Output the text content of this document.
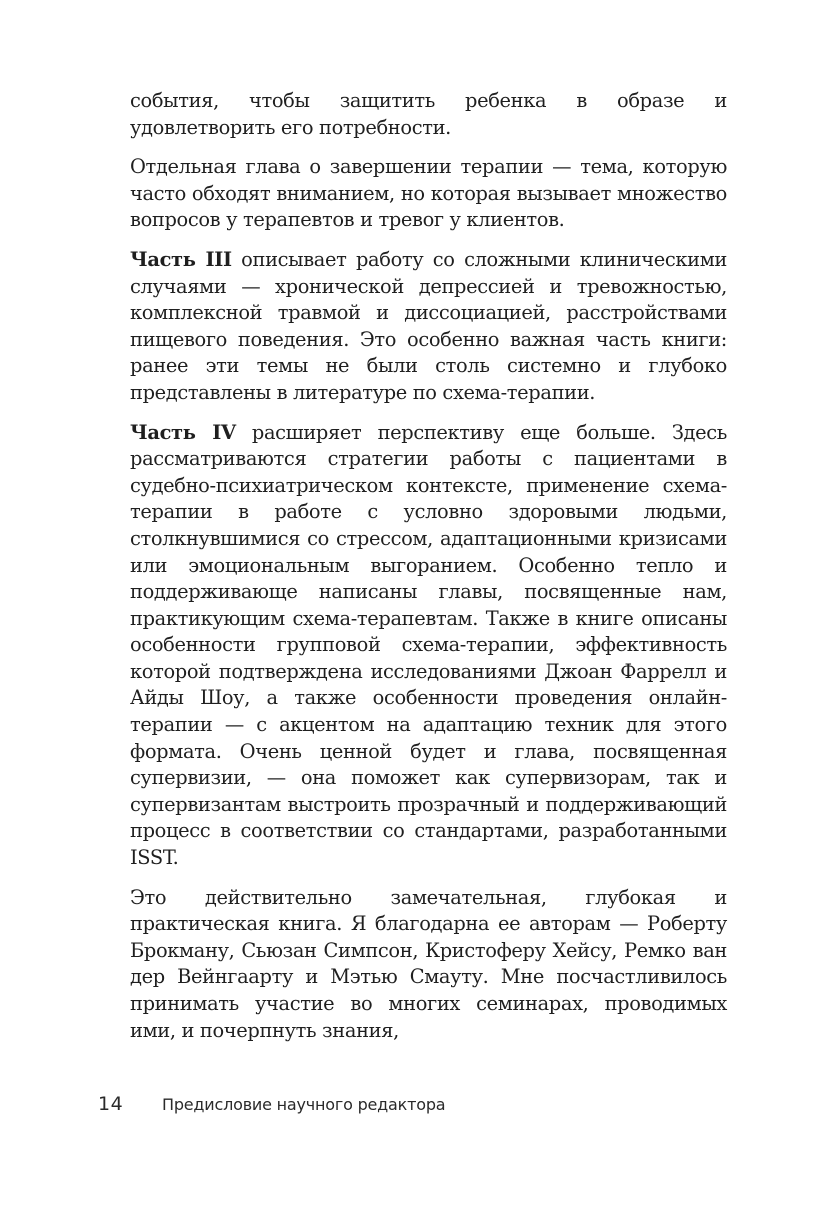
события, чтобы защитить ребенка в образе и удовлетворить его потребности.

Отдельная глава о завершении терапии — тема, которую часто обходят вниманием, но которая вызывает множество вопросов у терапевтов и тревог у клиентов.

Часть III описывает работу со сложными клиническими случаями — хронической депрессией и тревожностью, комплексной травмой и диссоциацией, расстройствами пищевого поведения. Это особенно важная часть книги: ранее эти темы не были столь системно и глубоко представлены в литературе по схема-терапии.

Часть IV расширяет перспективу еще больше. Здесь рассматриваются стратегии работы с пациентами в судебно-психиатрическом контексте, применение схема-терапии в работе с условно здоровыми людьми, столкнувшимися со стрессом, адаптационными кризисами или эмоциональным выгоранием. Особенно тепло и поддерживающе написаны главы, посвященные нам, практикующим схема-терапевтам. Также в книге описаны особенности групповой схема-терапии, эффективность которой подтверждена исследованиями Джоан Фаррелл и Айды Шоу, а также особенности проведения онлайн-терапии — с акцентом на адаптацию техник для этого формата. Очень ценной будет и глава, посвященная супервизии, — она поможет как супервизорам, так и супервизантам выстроить прозрачный и поддерживающий процесс в соответствии со стандартами, разработанными ISST.

Это действительно замечательная, глубокая и практическая книга. Я благодарна ее авторам — Роберту Брокману, Сьюзан Симпсон, Кристоферу Хейсу, Ремко ван дер Вейнгаарту и Мэтью Смауту. Мне посчастливилось принимать участие во многих семинарах, проводимых ими, и почерпнуть знания,

14 Предисловие научного редактора
